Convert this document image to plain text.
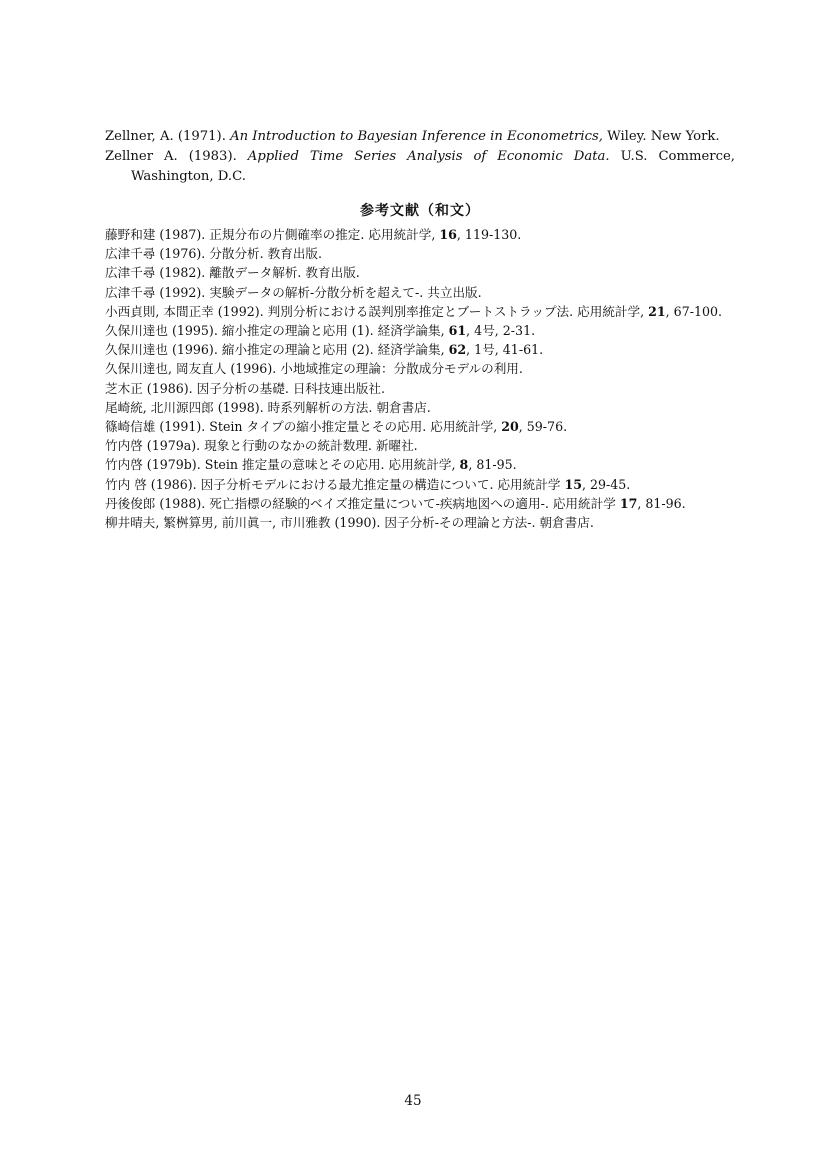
Zellner, A. (1971). An Introduction to Bayesian Inference in Econometrics, Wiley. New York.

Zellner A. (1983). Applied Time Series Analysis of Economic Data. U.S. Commerce, Washington, D.C.

参考文献（和文）

藤野和建 (1987). 正規分布の片側確率の推定. 応用統計学, 16, 119-130.

広津千尋 (1976). 分散分析. 教育出版.

広津千尋 (1982). 離散データ解析. 教育出版.

広津千尋 (1992). 実験データの解析-分散分析を超えて-. 共立出版.

小西貞則, 本間正幸 (1992). 判別分析における誤判別率推定とブートストラップ法. 応用統計学, 21, 67-100.

久保川達也 (1995). 縮小推定の理論と応用 (1). 経済学論集, 61, 4号, 2-31.

久保川達也 (1996). 縮小推定の理論と応用 (2). 経済学論集, 62, 1号, 41-61.

久保川達也, 岡友直人 (1996). 小地域推定の理論：分散成分モデルの利用.

芝木正 (1986). 因子分析の基礎. 日科技連出版社.

尾崎統, 北川源四郎 (1998). 時系列解析の方法. 朝倉書店.

篠崎信雄 (1991). Stein タイプの縮小推定量とその応用. 応用統計学, 20, 59-76.

竹内啓 (1979a). 現象と行動のなかの統計数理. 新曜社.

竹内啓 (1979b). Stein 推定量の意味とその応用. 応用統計学, 8, 81-95.

竹内 啓 (1986). 因子分析モデルにおける最尤推定量の構造について. 応用統計学 15, 29-45.

丹後俊郎 (1988). 死亡指標の経験的ベイズ推定量について-疾病地図への適用-. 応用統計学 17, 81-96.

柳井晴夫, 繁桝算男, 前川眞一, 市川雅教 (1990). 因子分析-その理論と方法-. 朝倉書店.

45
